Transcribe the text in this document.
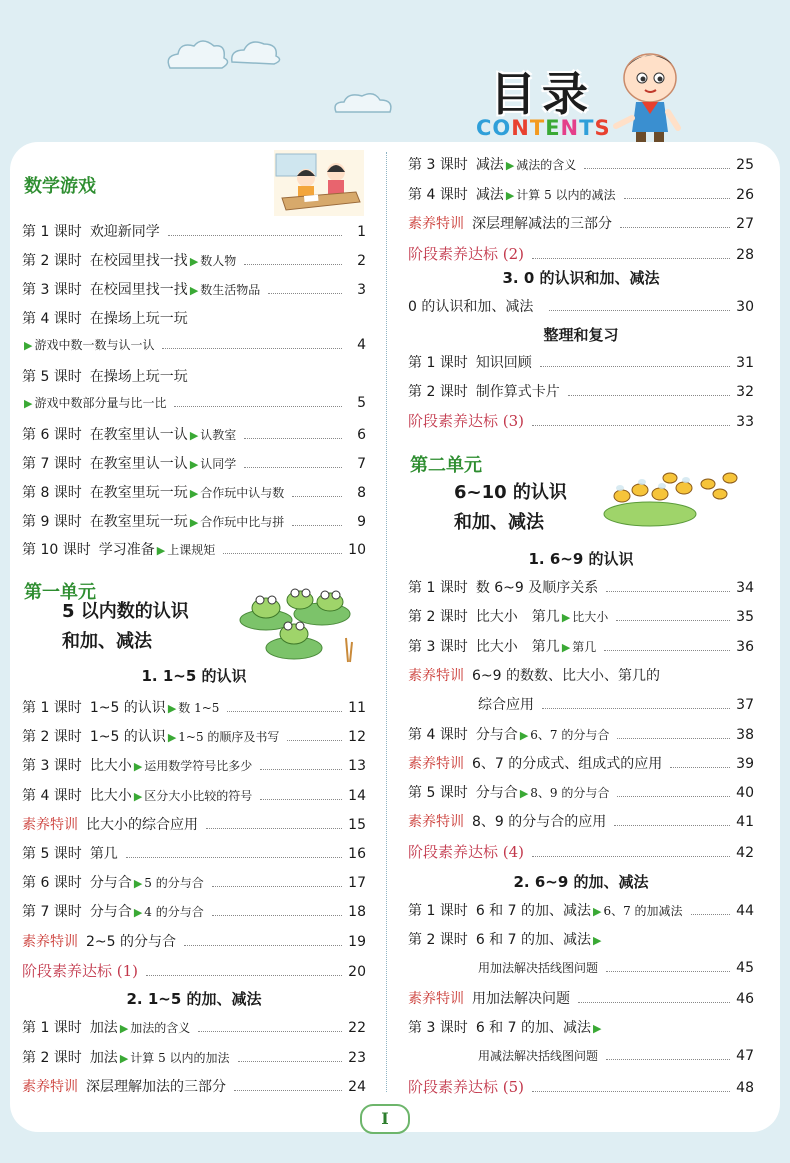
目录
CONTENTS
数学游戏
第 1 课时 欢迎新同学	1
第 2 课时 在校园里找一找 ▶ 数人物	2
第 3 课时 在校园里找一找 ▶ 数生活物品	3
第 4 课时 在操场上玩一玩
▶ 游戏中数一数与认一认	4
第 5 课时 在操场上玩一玩
▶ 游戏中数部分量与比一比	5
第 6 课时 在教室里认一认 ▶ 认教室	6
第 7 课时 在教室里认一认 ▶ 认同学	7
第 8 课时 在教室里玩一玩 ▶ 合作玩中认与数	8
第 9 课时 在教室里玩一玩 ▶ 合作玩中比与拼	9
第 10 课时 学习准备 ▶ 上课规矩	10
第一单元
5 以内数的认识
和加、减法
1. 1~5 的认识
第 1 课时 1~5 的认识 ▶ 数 1~5	11
第 2 课时 1~5 的认识 ▶ 1~5 的顺序及书写	12
第 3 课时 比大小 ▶ 运用数学符号比多少	13
第 4 课时 比大小 ▶ 区分大小比较的符号	14
素养特训 比大小的综合应用	15
第 5 课时 第几	16
第 6 课时 分与合 ▶ 5 的分与合	17
第 7 课时 分与合 ▶ 4 的分与合	18
素养特训 2~5 的分与合	19
阶段素养达标 (1)	20
2. 1~5 的加、减法
第 1 课时 加法 ▶ 加法的含义	22
第 2 课时 加法 ▶ 计算 5 以内的加法	23
素养特训 深层理解加法的三部分	24
第 3 课时 减法 ▶ 减法的含义	25
第 4 课时 减法 ▶ 计算 5 以内的减法	26
素养特训 深层理解减法的三部分	27
阶段素养达标 (2)	28
3. 0 的认识和加、减法
0 的认识和加、减法	30
整理和复习
第 1 课时 知识回顾	31
第 2 课时 制作算式卡片	32
阶段素养达标 (3)	33
第二单元
6~10 的认识
和加、减法
1. 6~9 的认识
第 1 课时 数 6~9 及顺序关系	34
第 2 课时 比大小　第几 ▶ 比大小	35
第 3 课时 比大小　第几 ▶ 第几	36
素养特训 6~9 的数数、比大小、第几的
综合应用	37
第 4 课时 分与合 ▶ 6、7 的分与合	38
素养特训 6、7 的分成式、组成式的应用	39
第 5 课时 分与合 ▶ 8、9 的分与合	40
素养特训 8、9 的分与合的应用	41
阶段素养达标 (4)	42
2. 6~9 的加、减法
第 1 课时 6 和 7 的加、减法 ▶ 6、7 的加减法	44
第 2 课时 6 和 7 的加、减法 ▶
用加法解决括线图问题	45
素养特训 用加法解决问题	46
第 3 课时 6 和 7 的加、减法 ▶
用减法解决括线图问题	47
阶段素养达标 (5)	48
I
